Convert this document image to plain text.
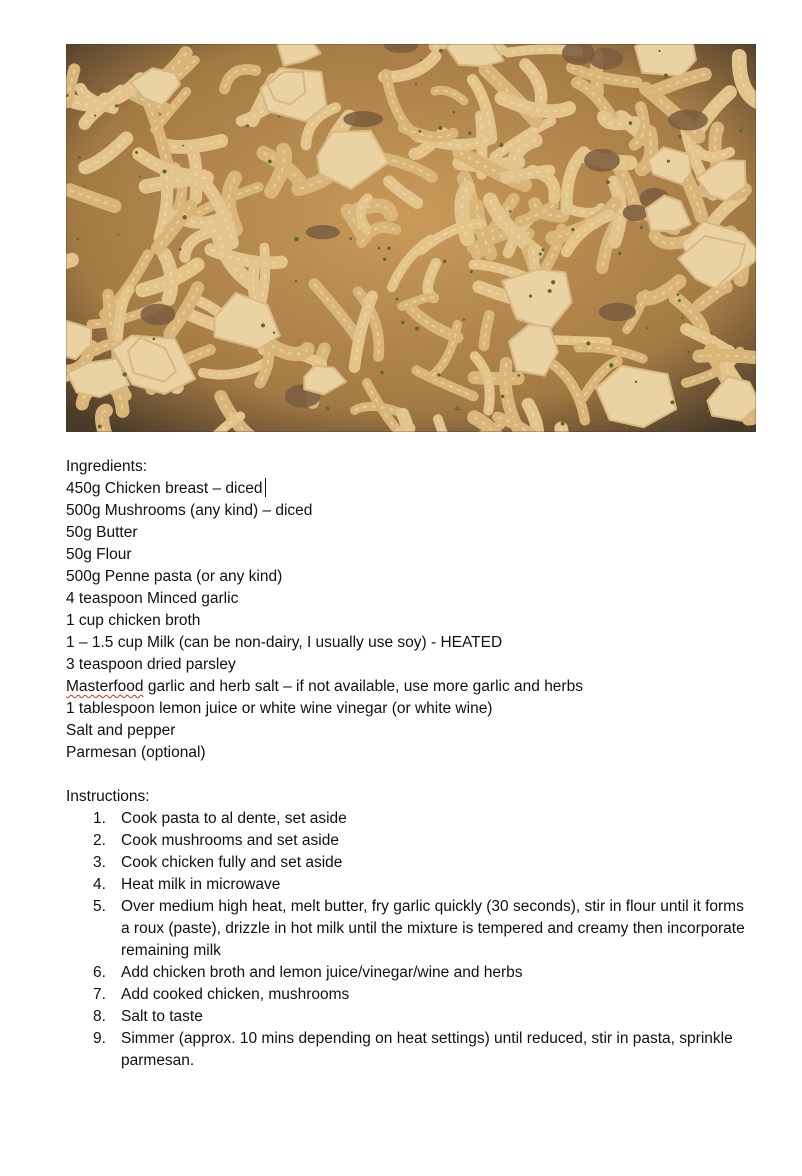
Ingredients:
450g Chicken breast – diced
500g Mushrooms (any kind) – diced
50g Butter
50g Flour
500g Penne pasta (or any kind)
4 teaspoon Minced garlic
1 cup chicken broth
1 – 1.5 cup Milk (can be non-dairy, I usually use soy) - HEATED
3 teaspoon dried parsley
Masterfood garlic and herb salt – if not available, use more garlic and herbs
1 tablespoon lemon juice or white wine vinegar (or white wine)
Salt and pepper
Parmesan (optional)
Instructions:
1. Cook pasta to al dente, set aside
2. Cook mushrooms and set aside
3. Cook chicken fully and set aside
4. Heat milk in microwave
5. Over medium high heat, melt butter, fry garlic quickly (30 seconds), stir in flour until it forms a roux (paste), drizzle in hot milk until the mixture is tempered and creamy then incorporate remaining milk
6. Add chicken broth and lemon juice/vinegar/wine and herbs
7. Add cooked chicken, mushrooms
8. Salt to taste
9. Simmer (approx. 10 mins depending on heat settings) until reduced, stir in pasta, sprinkle parmesan.
